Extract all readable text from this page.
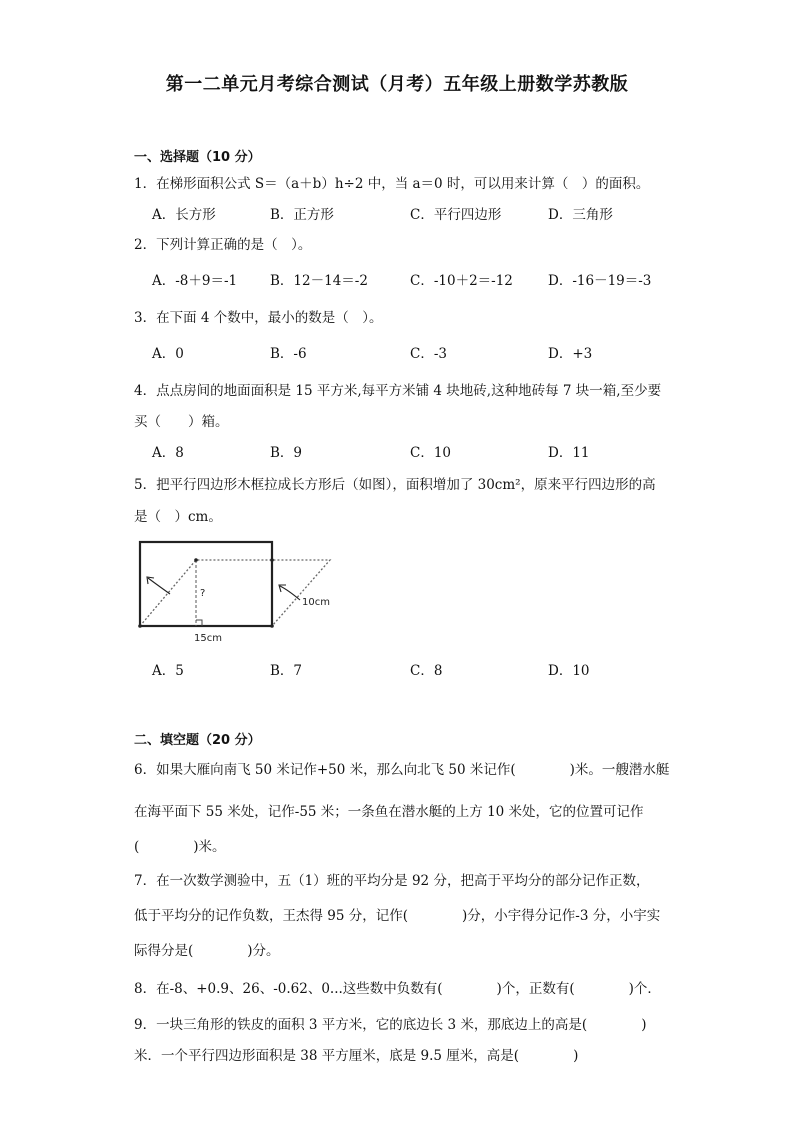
第一二单元月考综合测试（月考）五年级上册数学苏教版
一、选择题（10 分）
1．在梯形面积公式 S＝（a＋b）h÷2 中，当 a＝0 时，可以用来计算（　）的面积。
A．长方形	B．正方形	C．平行四边形	D．三角形
2．下列计算正确的是（　）。
A．-8＋9＝-1 B．12－14＝-2	C．-10＋2＝-12	D．-16－19＝-3
3．在下面 4 个数中，最小的数是（　）。
A．0	B．-6	C．-3	D．+3
4．点点房间的地面面积是 15 平方米,每平方米铺 4 块地砖,这种地砖每 7 块一箱,至少要
买（　　）箱。
A．8	B．9	C．10	D．11
5．把平行四边形木框拉成长方形后（如图），面积增加了 30cm²，原来平行四边形的高
是（　）cm。
?
10cm
15cm
A．5	B．7	C．8	D．10
二、填空题（20 分）
6．如果大雁向南飞 50 米记作+50 米，那么向北飞 50 米记作(　　　　)米。一艘潜水艇
在海平面下 55 米处，记作-55 米；一条鱼在潜水艇的上方 10 米处，它的位置可记作
(　　　　)米。
7．在一次数学测验中，五（1）班的平均分是 92 分，把高于平均分的部分记作正数，
低于平均分的记作负数，王杰得 95 分，记作(　　　　)分，小宇得分记作-3 分，小宇实
际得分是(　　　　)分。
8．在-8、+0.9、26、-0.62、0...这些数中负数有(　　　　)个，正数有(　　　　)个．
9．一块三角形的铁皮的面积 3 平方米，它的底边长 3 米，那底边上的高是(　　　　)
米．一个平行四边形面积是 38 平方厘米，底是 9.5 厘米，高是(　　　　)
